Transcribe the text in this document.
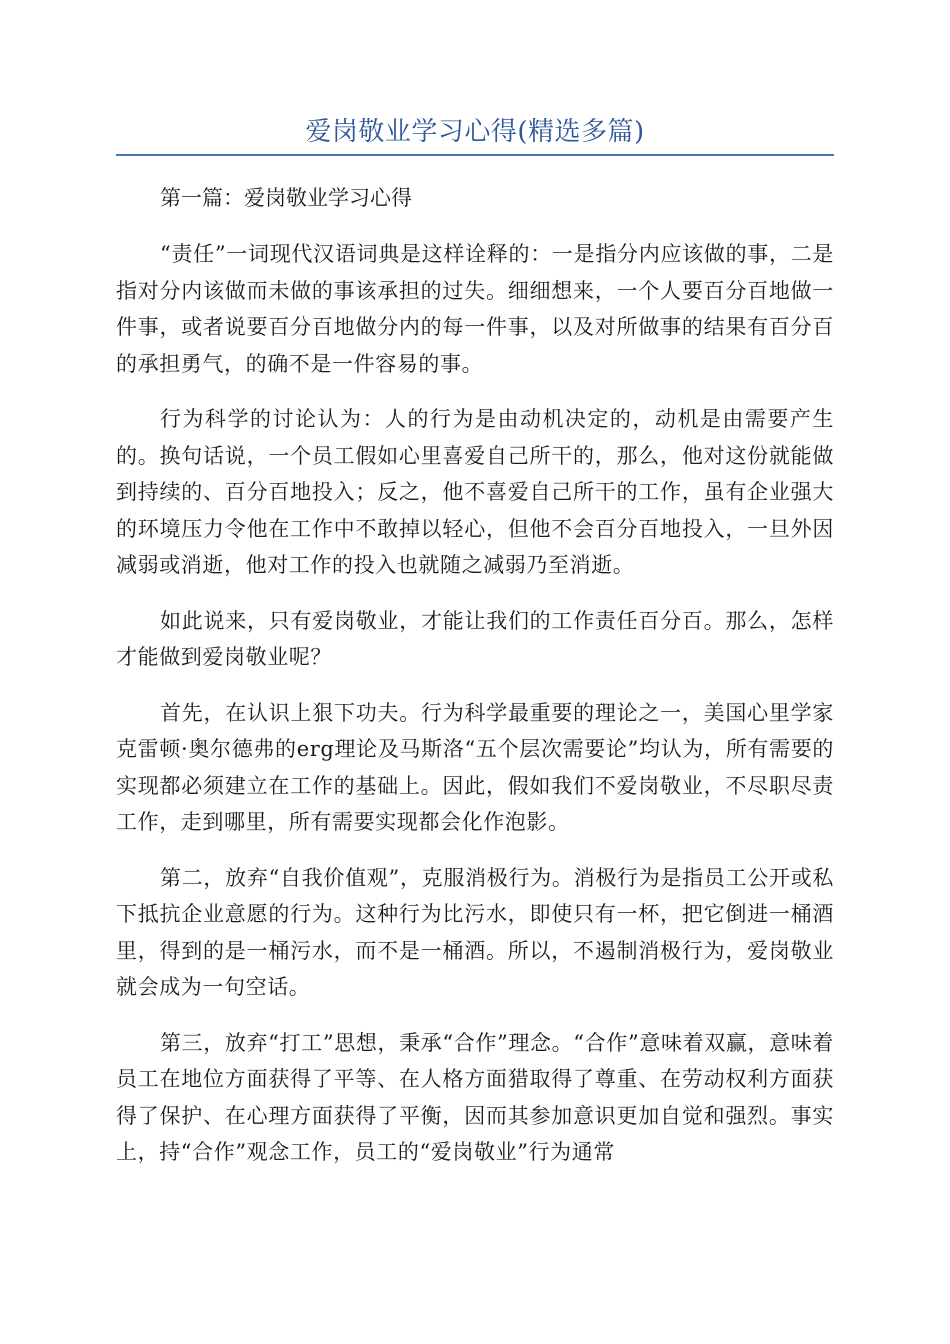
爱岗敬业学习心得(精选多篇)

第一篇：爱岗敬业学习心得

“责任”一词现代汉语词典是这样诠释的：一是指分内应该做的事，二是指对分内该做而未做的事该承担的过失。细细想来，一个人要百分百地做一件事，或者说要百分百地做分内的每一件事，以及对所做事的结果有百分百的承担勇气，的确不是一件容易的事。

行为科学的讨论认为：人的行为是由动机决定的，动机是由需要产生的。换句话说，一个员工假如心里喜爱自己所干的，那么，他对这份就能做到持续的、百分百地投入；反之，他不喜爱自己所干的工作，虽有企业强大的环境压力令他在工作中不敢掉以轻心，但他不会百分百地投入，一旦外因减弱或消逝，他对工作的投入也就随之减弱乃至消逝。

如此说来，只有爱岗敬业，才能让我们的工作责任百分百。那么，怎样才能做到爱岗敬业呢？

首先，在认识上狠下功夫。行为科学最重要的理论之一，美国心里学家克雷顿·奥尔德弗的erg理论及马斯洛“五个层次需要论”均认为，所有需要的实现都必须建立在工作的基础上。因此，假如我们不爱岗敬业，不尽职尽责工作，走到哪里，所有需要实现都会化作泡影。

第二，放弃“自我价值观”，克服消极行为。消极行为是指员工公开或私下抵抗企业意愿的行为。这种行为比污水，即使只有一杯，把它倒进一桶酒里，得到的是一桶污水，而不是一桶酒。所以，不遏制消极行为，爱岗敬业就会成为一句空话。

第三，放弃“打工”思想，秉承“合作”理念。“合作”意味着双赢，意味着员工在地位方面获得了平等、在人格方面猎取得了尊重、在劳动权利方面获得了保护、在心理方面获得了平衡，因而其参加意识更加自觉和强烈。事实上，持“合作”观念工作，员工的“爱岗敬业”行为通常
